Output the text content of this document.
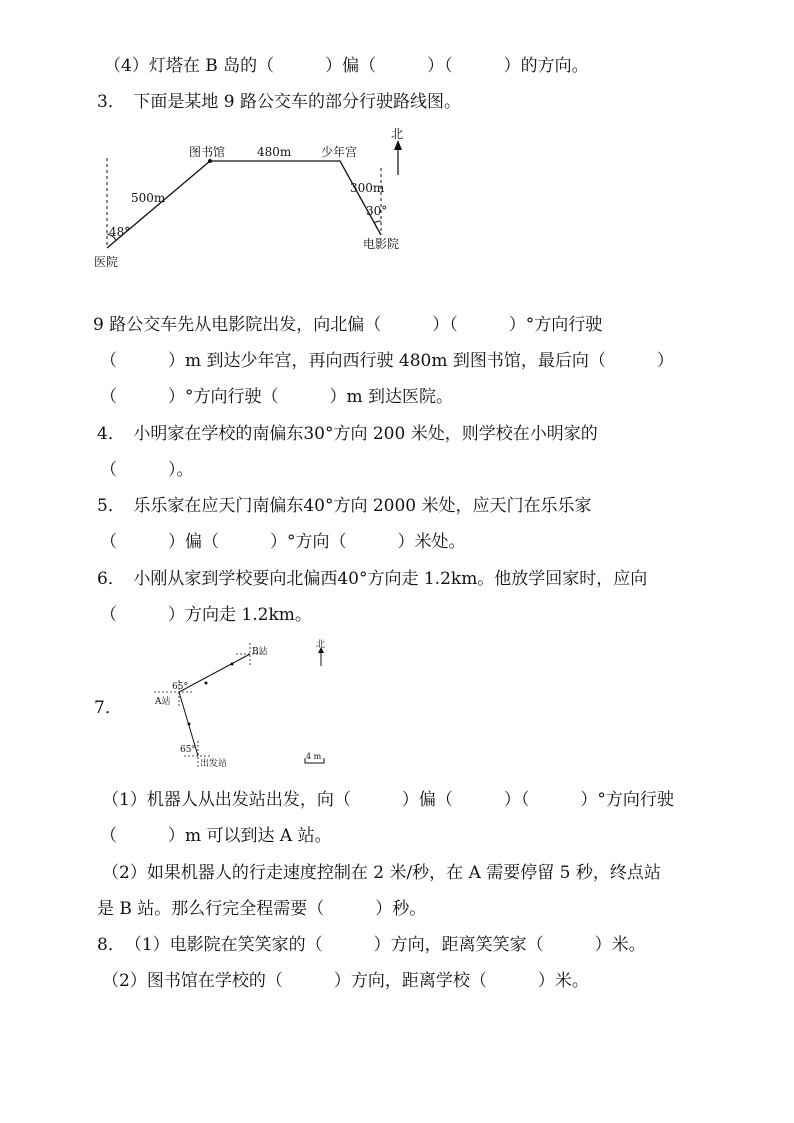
（4）灯塔在 B 岛的（　　　）偏（　　　）（　　　）的方向。
3．　下面是某地 9 路公交车的部分行驶路线图。
北
图书馆	480m 少年宫
500m
300m
30°
48°
医院
电影院
9 路公交车先从电影院出发，向北偏（　　　）（　　　）°方向行驶
（　　　）m 到达少年宫，再向西行驶 480m 到图书馆，最后向（　　　）
（　　　）°方向行驶（　　　）m 到达医院。
4．　小明家在学校的南偏东30°方向 200 米处，则学校在小明家的
（　　　）。
5．　乐乐家在应天门南偏东40°方向 2000 米处，应天门在乐乐家
（　　　）偏（　　　）°方向（　　　）米处。
6．　小刚从家到学校要向北偏西40°方向走 1.2km。他放学回家时，应向
（　　　）方向走 1.2km。
B站
北
65°
A站
65°
出发站
4 m
7．
（1）机器人从出发站出发，向（　　　）偏（　　　）（　　　）°方向行驶
（　　　）m 可以到达 A 站。
（2）如果机器人的行走速度控制在 2 米/秒，在 A 需要停留 5 秒，终点站
是 B 站。那么行完全程需要（　　　）秒。
8．　（1）电影院在笑笑家的（　　　）方向，距离笑笑家（　　　）米。
（2）图书馆在学校的（　　　）方向，距离学校（　　　）米。
